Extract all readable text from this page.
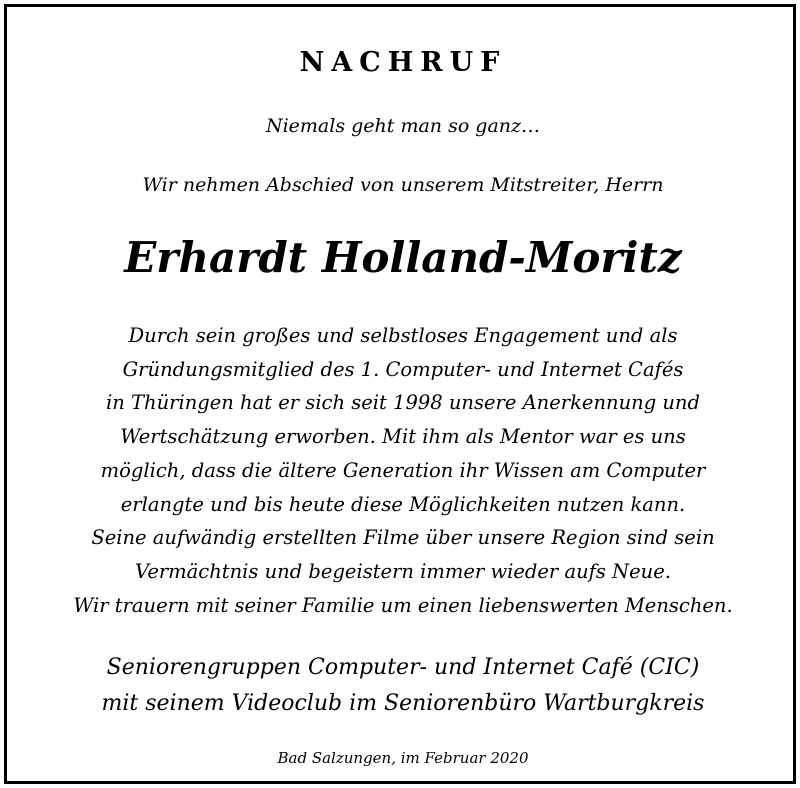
NACHRUF
Niemals geht man so ganz…
Wir nehmen Abschied von unserem Mitstreiter, Herrn
Erhardt Holland-Moritz
Durch sein großes und selbstloses Engagement und als
Gründungsmitglied des 1. Computer- und Internet Cafés
in Thüringen hat er sich seit 1998 unsere Anerkennung und
Wertschätzung erworben. Mit ihm als Mentor war es uns
möglich, dass die ältere Generation ihr Wissen am Computer
erlangte und bis heute diese Möglichkeiten nutzen kann.
Seine aufwändig erstellten Filme über unsere Region sind sein
Vermächtnis und begeistern immer wieder aufs Neue.
Wir trauern mit seiner Familie um einen liebenswerten Menschen.
Seniorengruppen Computer- und Internet Café (CIC)
mit seinem Videoclub im Seniorenbüro Wartburgkreis
Bad Salzungen, im Februar 2020
